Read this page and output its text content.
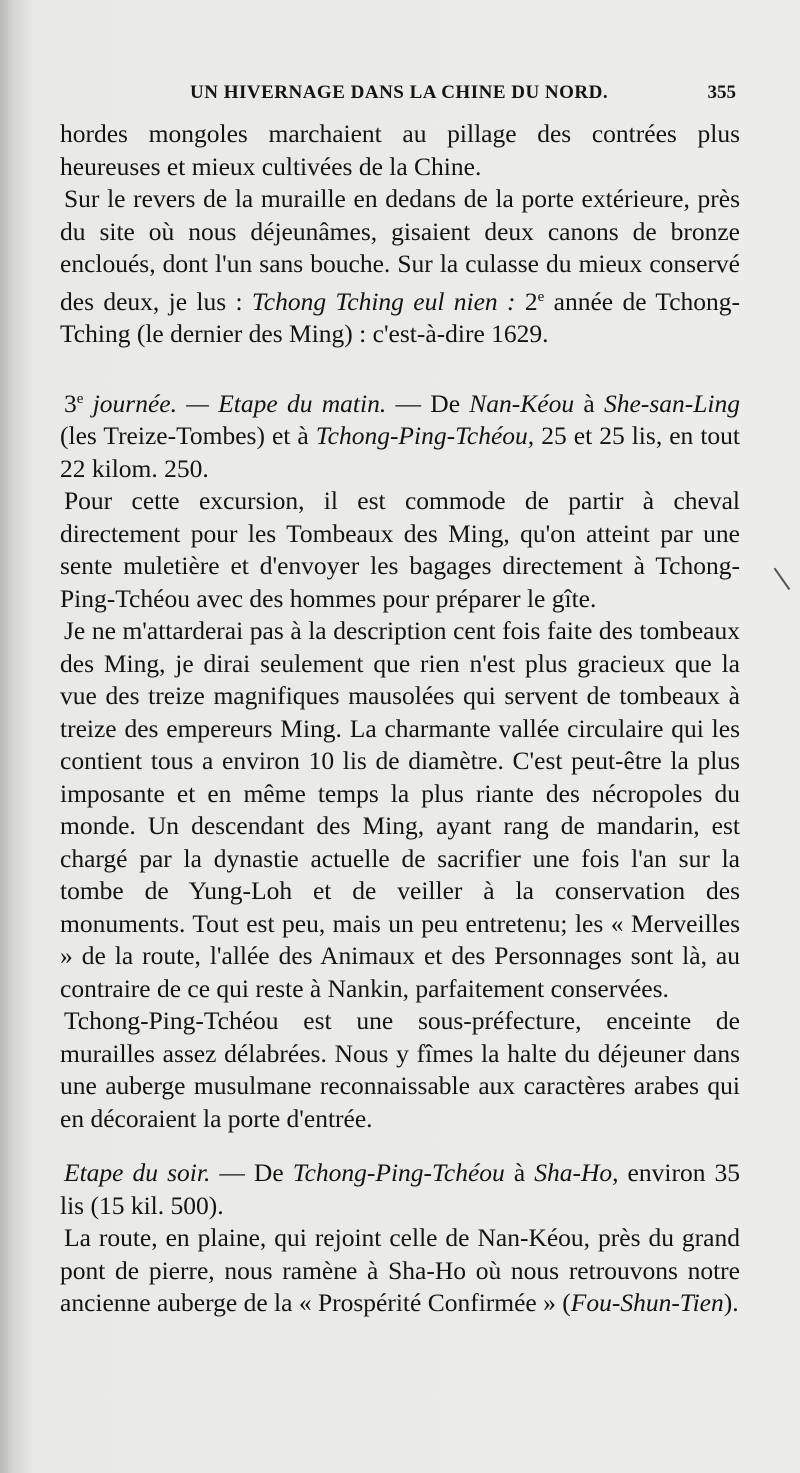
UN HIVERNAGE DANS LA CHINE DU NORD.	355

hordes mongoles marchaient au pillage des contrées plus heureuses et mieux cultivées de la Chine.

Sur le revers de la muraille en dedans de la porte extérieure, près du site où nous déjeunâmes, gisaient deux canons de bronze encloués, dont l'un sans bouche. Sur la culasse du mieux conservé des deux, je lus : Tchong Tching eul nien : 2e année de Tchong-Tching (le dernier des Ming) : c'est-à-dire 1629.

3e journée. — Etape du matin. — De Nan-Kéou à She-san-Ling (les Treize-Tombes) et à Tchong-Ping-Tchéou, 25 et 25 lis, en tout 22 kilom. 250.

Pour cette excursion, il est commode de partir à cheval directement pour les Tombeaux des Ming, qu'on atteint par une sente muletière et d'envoyer les bagages directement à Tchong-Ping-Tchéou avec des hommes pour préparer le gîte.

Je ne m'attarderai pas à la description cent fois faite des tombeaux des Ming, je dirai seulement que rien n'est plus gracieux que la vue des treize magnifiques mausolées qui servent de tombeaux à treize des empereurs Ming. La charmante vallée circulaire qui les contient tous a environ 10 lis de diamètre. C'est peut-être la plus imposante et en même temps la plus riante des nécropoles du monde. Un descendant des Ming, ayant rang de mandarin, est chargé par la dynastie actuelle de sacrifier une fois l'an sur la tombe de Yung-Loh et de veiller à la conservation des monuments. Tout est peu, mais un peu entretenu; les « Merveilles » de la route, l'allée des Animaux et des Personnages sont là, au contraire de ce qui reste à Nankin, parfaitement conservées.

Tchong-Ping-Tchéou est une sous-préfecture, enceinte de murailles assez délabrées. Nous y fîmes la halte du déjeuner dans une auberge musulmane reconnaissable aux caractères arabes qui en décoraient la porte d'entrée.

Etape du soir. — De Tchong-Ping-Tchéou à Sha-Ho, environ 35 lis (15 kil. 500).

La route, en plaine, qui rejoint celle de Nan-Kéou, près du grand pont de pierre, nous ramène à Sha-Ho où nous retrouvons notre ancienne auberge de la « Prospérité Confirmée » (Fou-Shun-Tien).
